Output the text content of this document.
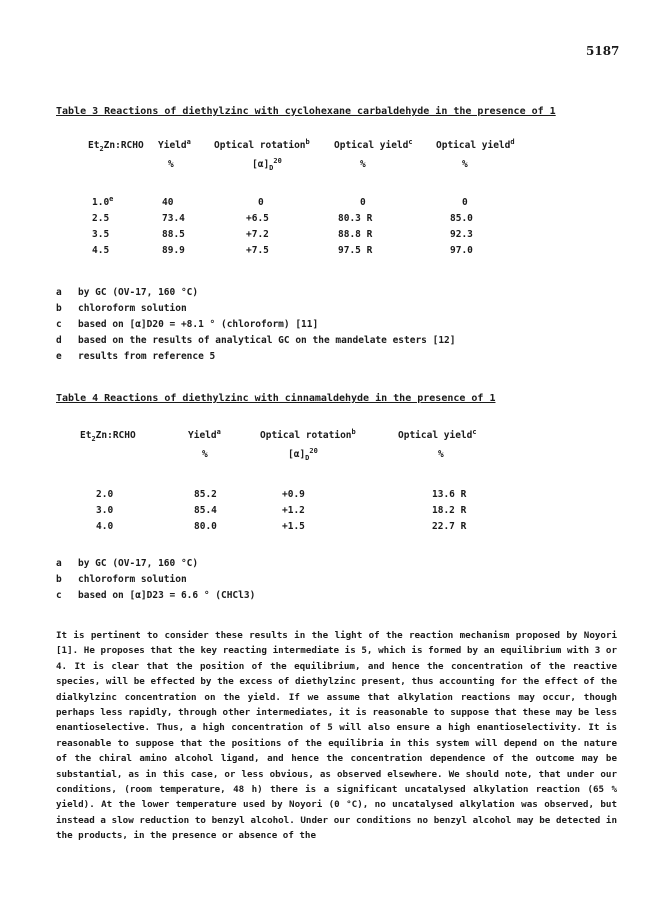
5187
Table 3 Reactions of diethylzinc with cyclohexane carbaldehyde in the presence of 1
$Et_2Zn:RCHO$	Yield$^a$	Optical rotation$^b$	Optical yield$^c$	Optical yield$^d$
	%	$[\alpha]_D^{20}$	%	%

1.0e	40	0	0	0
2.5	73.4	+6.5	80.3 R	85.0
3.5	88.5	+7.2	88.8 R	92.3
4.5	89.9	+7.5	97.5 R	97.0
a by GC (OV-17, 160 °C)
b chloroform solution
c based on [α]D20 = +8.1 ° (chloroform) [11]
d based on the results of analytical GC on the mandelate esters [12]
e results from reference 5
Table 4 Reactions of diethylzinc with cinnamaldehyde in the presence of 1
$Et_2Zn:RCHO$	Yield$^a$	Optical rotation$^b$	Optical yield$^c$
	%	$[\alpha]_D^{20}$	%

2.0	85.2	+0.9	13.6 R
3.0	85.4	+1.2	18.2 R
4.0	80.0	+1.5	22.7 R
a by GC (OV-17, 160 °C)
b chloroform solution
c based on [α]D23 = 6.6 ° (CHCl3)

It is pertinent to consider these results in the light of the reaction mechanism proposed by Noyori [1]. He proposes that the key reacting intermediate is 5, which is formed by an equilibrium with 3 or 4. It is clear that the position of the equilibrium, and hence the concentration of the reactive species, will be effected by the excess of diethylzinc present, thus accounting for the effect of the dialkylzinc concentration on the yield. If we assume that alkylation reactions may occur, though perhaps less rapidly, through other intermediates, it is reasonable to suppose that these may be less enantioselective. Thus, a high concentration of 5 will also ensure a high enantioselectivity. It is reasonable to suppose that the positions of the equilibria in this system will depend on the nature of the chiral amino alcohol ligand, and hence the concentration dependence of the outcome may be substantial, as in this case, or less obvious, as observed elsewhere. We should note, that under our conditions, (room temperature, 48 h) there is a significant uncatalysed alkylation reaction (65 % yield). At the lower temperature used by Noyori (0 °C), no uncatalysed alkylation was observed, but instead a slow reduction to benzyl alcohol. Under our conditions no benzyl alcohol may be detected in the products, in the presence or absence of the
